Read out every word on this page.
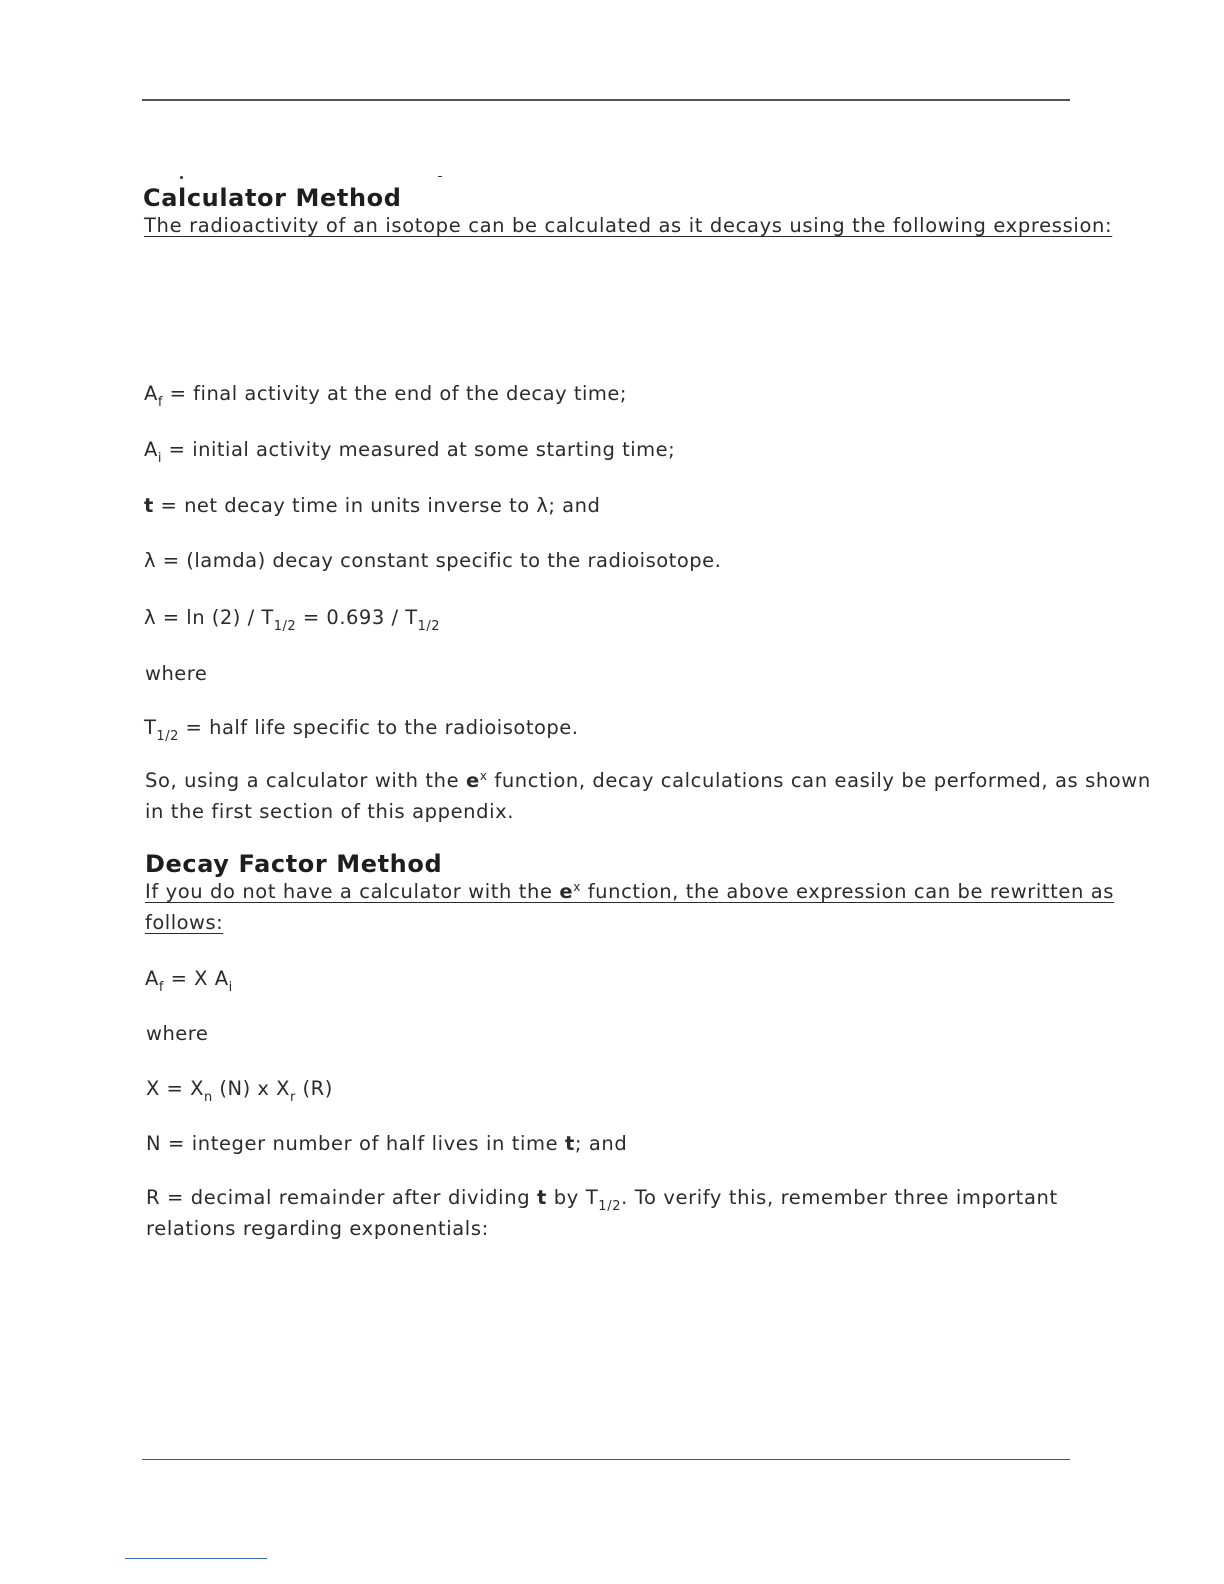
Calculator Method
The radioactivity of an isotope can be calculated as it decays using the following expression:
$A_f$ = final activity at the end of the decay time;
$A_i$ = initial activity measured at some starting time;
t = net decay time in units inverse to λ; and
λ = (lamda) decay constant specific to the radioisotope.
$\lambda = \ln (2) / T_{1/2} = 0.693 / T_{1/2}$
where
$T_{1/2}$ = half life specific to the radioisotope.
So, using a calculator with the $e^x$ function, decay calculations can easily be performed, as shown
in the first section of this appendix.
Decay Factor Method
If you do not have a calculator with the $e^x$ function, the above expression can be rewritten as
follows:
$A_f = X$ $A_i$
where
$X = X_n$ (N) x $X_r$ (R)
N = integer number of half lives in time t; and
R = decimal remainder after dividing t by $T_{1/2}$. To verify this, remember three important
relations regarding exponentials:
